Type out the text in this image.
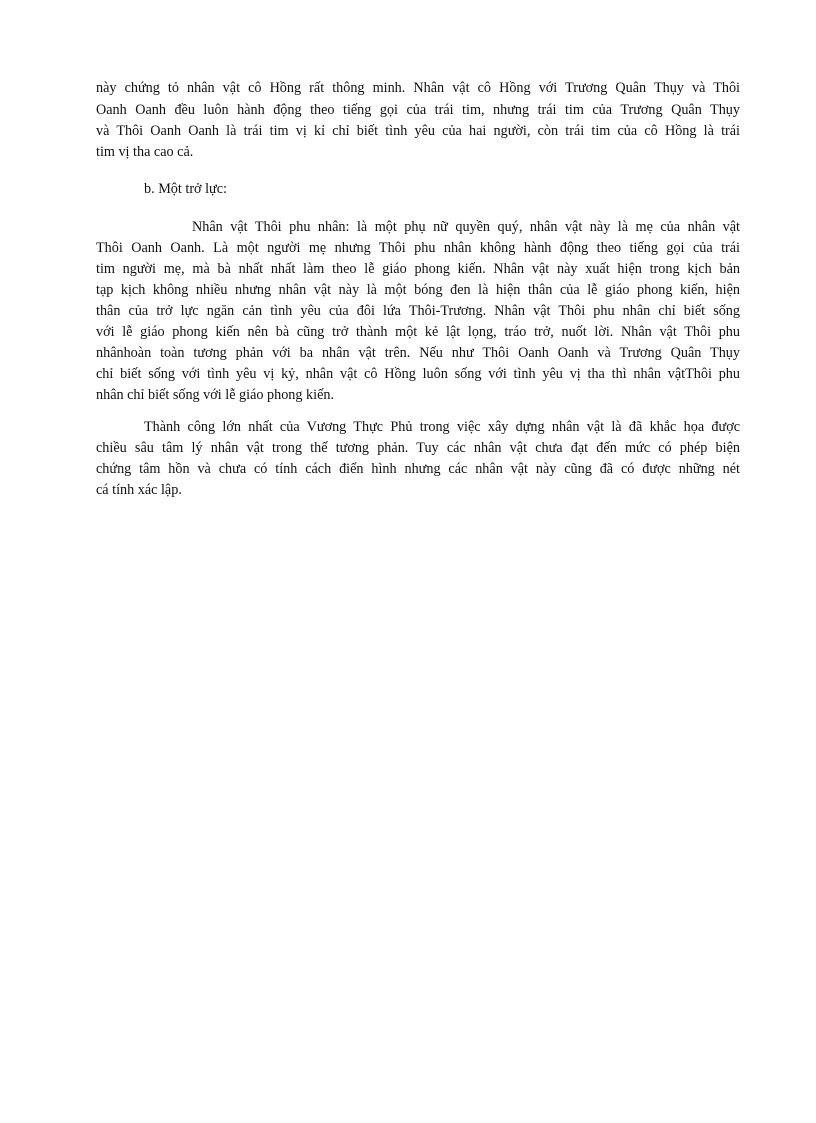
này chứng tỏ nhân vật cô Hồng rất thông minh. Nhân vật cô Hồng với Trương Quân Thụy và Thôi

Oanh Oanh đều luôn hành động theo tiếng gọi của trái tim, nhưng trái tim của Trương Quân Thụy

và Thôi Oanh Oanh là trái tim vị kỉ chỉ biết tình yêu của hai người, còn trái tim của cô Hồng là trái

tim vị tha cao cả.

b. Một trở lực:

Nhân vật Thôi phu nhân: là một phụ nữ quyền quý, nhân vật này là mẹ của nhân vật

Thôi Oanh Oanh. Là một người mẹ nhưng Thôi phu nhân không hành động theo tiếng gọi của trái

tim người mẹ, mà bà nhất nhất làm theo lễ giáo phong kiến. Nhân vật này xuất hiện trong kịch bản

tạp kịch không nhiều nhưng nhân vật này là một bóng đen là hiện thân của lễ giáo phong kiến, hiện

thân của trở lực ngăn cản tình yêu của đôi lứa Thôi-Trương. Nhân vật Thôi phu nhân chỉ biết sống

với lễ giáo phong kiến nên bà cũng trở thành một kẻ lật lọng, tráo trở, nuốt lời. Nhân vật Thôi phu

nhânhoàn toàn tương phản với ba nhân vật trên. Nếu như Thôi Oanh Oanh và Trương Quân Thụy

chỉ biết sống với tình yêu vị kỷ, nhân vật cô Hồng luôn sống với tình yêu vị tha thì nhân vậtThôi phu

nhân chỉ biết sống với lễ giáo phong kiến.

Thành công lớn nhất của Vương Thực Phủ trong việc xây dựng nhân vật là đã khắc họa được

chiều sâu tâm lý nhân vật trong thế tương phản. Tuy các nhân vật chưa đạt đến mức có phép biện

chứng tâm hồn và chưa có tính cách điển hình nhưng các nhân vật này cũng đã có được những nét

cá tính xác lập.
